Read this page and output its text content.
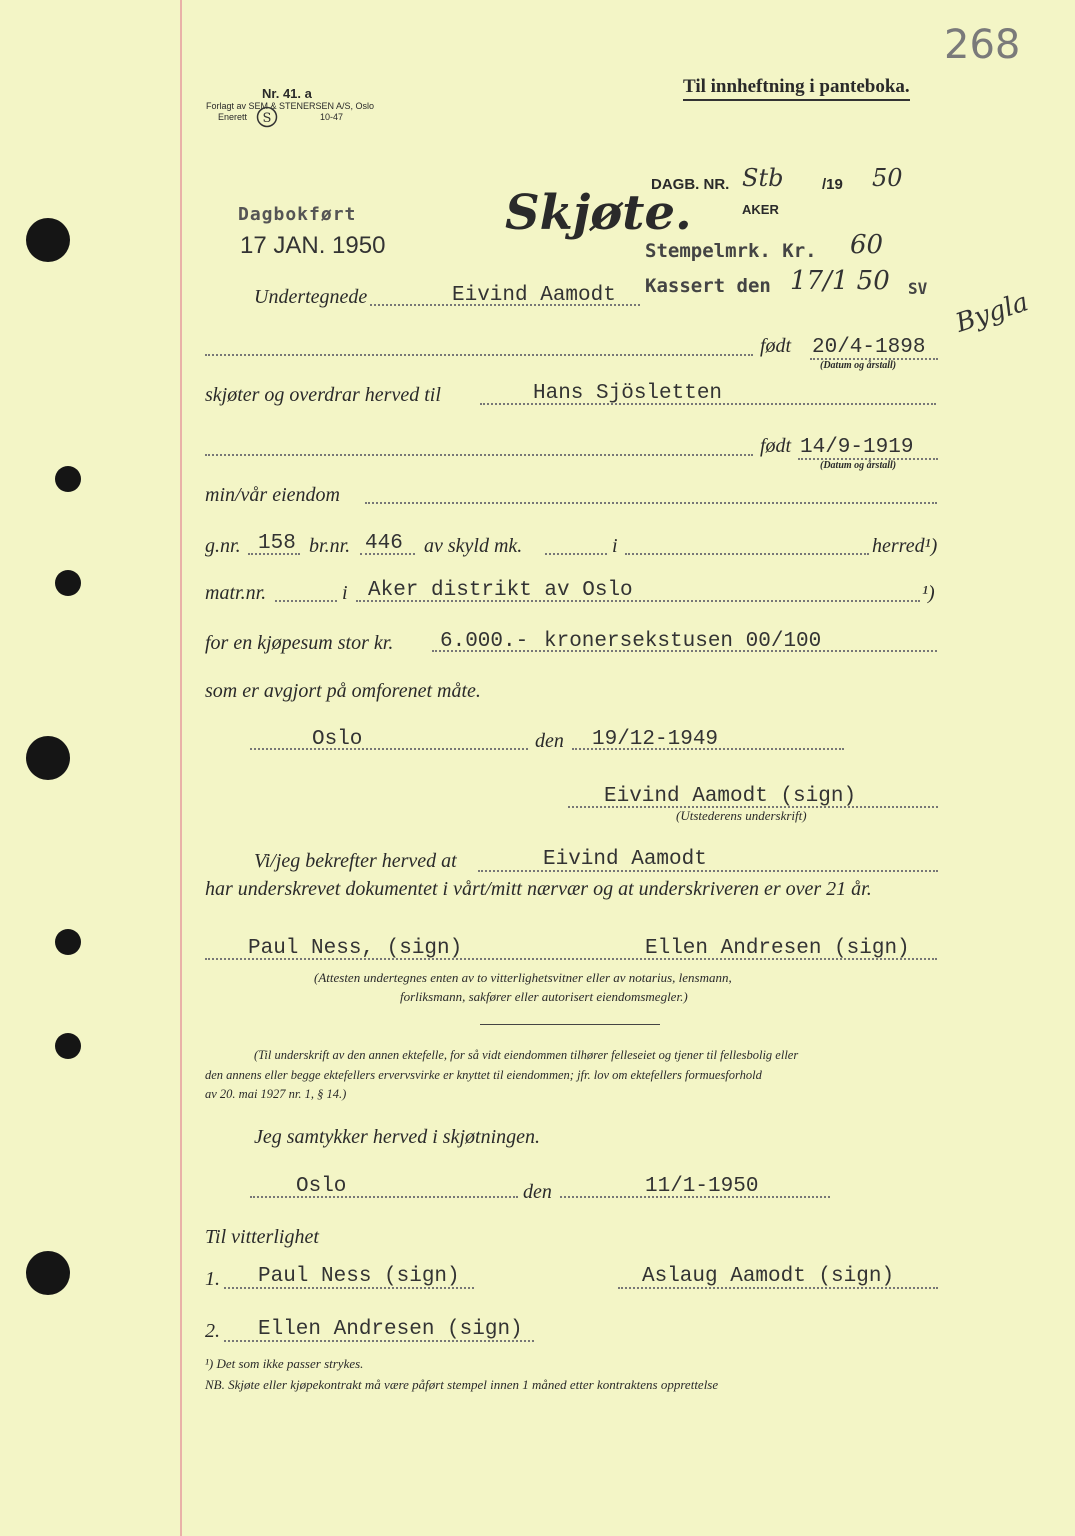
Nr. 41. a
Forlagt av SEM & STENERSEN A/S, Oslo
Enerett S	10-47
Til innheftning i panteboka.
268
DAGB. NR. Stb	/19 50
AKER
Skjøte.
Dagbokført
17 JAN. 1950	Stempelmrk. Kr. 60
Kassert den 17/1 50 SV Bygla
Undertegnede	Eivind Aamodt
født 20/4-1898
(Datum og årstall)
skjøter og overdrar herved til	Hans Sjösletten
født 14/9-1919
(Datum og årstall)
min/vår eiendom
g.nr. 158 br.nr. 446 av skyld mk.	i	herred¹)
matr.nr.	i Aker distrikt av Oslo	¹)
for en kjøpesum stor kr. 6.000.- kronersekstusen 00/100
som er avgjort på omforenet måte.
Oslo	den 19/12-1949
Eivind Aamodt (sign)
(Utstederens underskrift)
Vi/jeg bekrefter herved at	Eivind Aamodt
har underskrevet dokumentet i vårt/mitt nærvær og at underskriveren er over 21 år.
Paul Ness, (sign)	Ellen Andresen (sign)
(Attesten undertegnes enten av to vitterlighetsvitner eller av notarius, lensmann,
forliksmann, sakfører eller autorisert eiendomsmegler.)
(Til underskrift av den annen ektefelle, for så vidt eiendommen tilhører felleseiet og tjener til fellesbolig eller
den annens eller begge ektefellers ervervsvirke er knyttet til eiendommen; jfr. lov om ektefellers formuesforhold
av 20. mai 1927 nr. 1, § 14.)
Jeg samtykker herved i skjøtningen.
Oslo	den	11/1-1950
Til vitterlighet
1. Paul Ness (sign)	Aslaug Aamodt (sign)
2. Ellen Andresen (sign)
¹) Det som ikke passer strykes.
NB. Skjøte eller kjøpekontrakt må være påført stempel innen 1 måned etter kontraktens opprettelse
